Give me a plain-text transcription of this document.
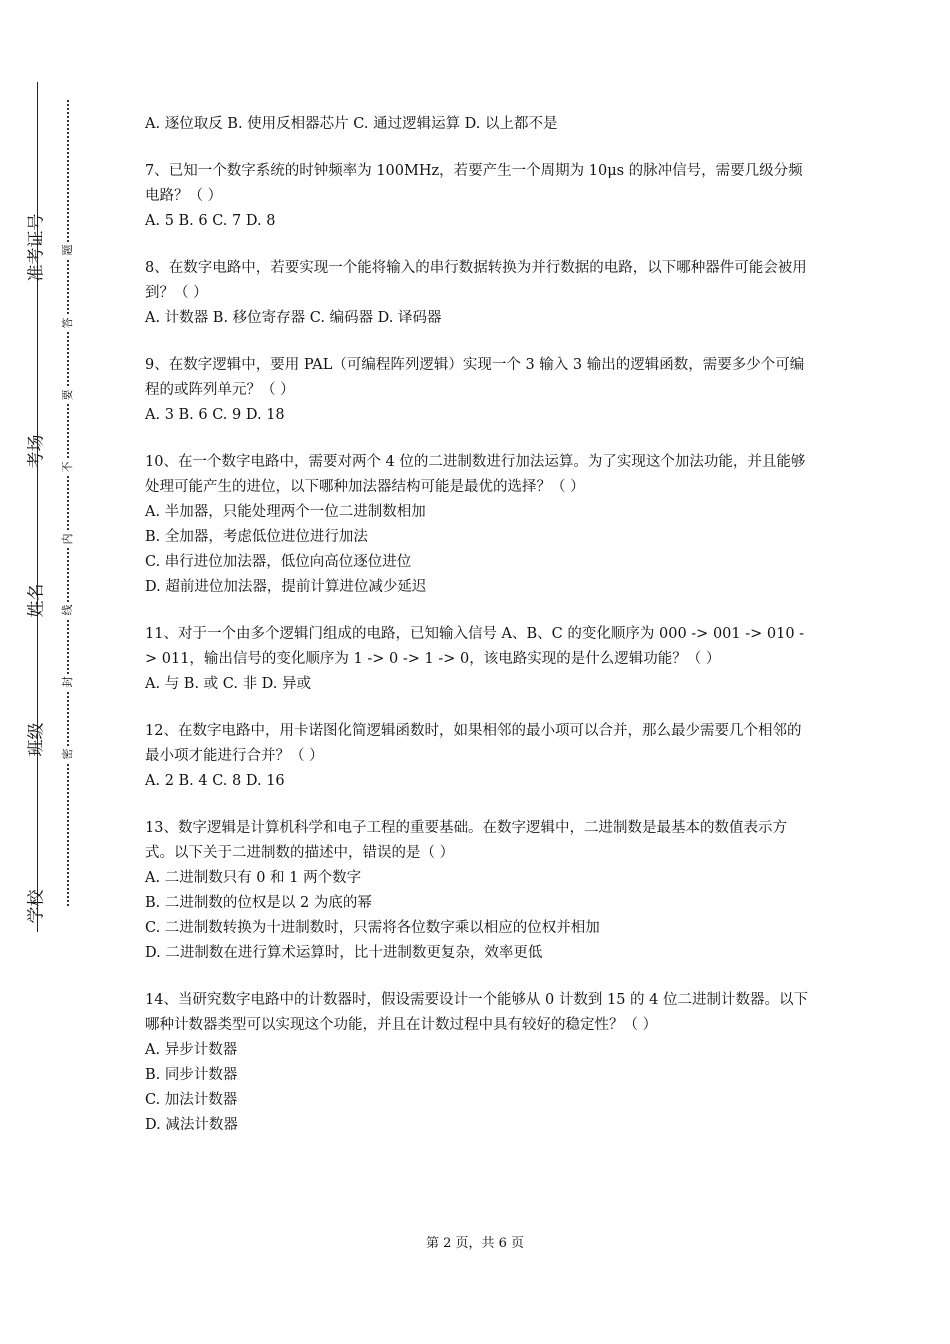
准考证号
考场
姓名
班级
学校
题
答
要
不
内
线
封
密
A. 逐位取反 B. 使用反相器芯片 C. 通过逻辑运算 D. 以上都不是
7、已知一个数字系统的时钟频率为 100MHz，若要产生一个周期为 10μs 的脉冲信号，需要几级分频电路？（ ）
A. 5 B. 6 C. 7 D. 8
8、在数字电路中，若要实现一个能将输入的串行数据转换为并行数据的电路，以下哪种器件可能会被用到？（ ）
A. 计数器 B. 移位寄存器 C. 编码器 D. 译码器
9、在数字逻辑中，要用 PAL（可编程阵列逻辑）实现一个 3 输入 3 输出的逻辑函数，需要多少个可编程的或阵列单元？（ ）
A. 3 B. 6 C. 9 D. 18
10、在一个数字电路中，需要对两个 4 位的二进制数进行加法运算。为了实现这个加法功能，并且能够处理可能产生的进位，以下哪种加法器结构可能是最优的选择？（ ）
A. 半加器，只能处理两个一位二进制数相加
B. 全加器，考虑低位进位进行加法
C. 串行进位加法器，低位向高位逐位进位
D. 超前进位加法器，提前计算进位减少延迟
11、对于一个由多个逻辑门组成的电路，已知输入信号 A、B、C 的变化顺序为 000 -> 001 -> 010 -> 011，输出信号的变化顺序为 1 -> 0 -> 1 -> 0，该电路实现的是什么逻辑功能？（ ）
A. 与 B. 或 C. 非 D. 异或
12、在数字电路中，用卡诺图化简逻辑函数时，如果相邻的最小项可以合并，那么最少需要几个相邻的最小项才能进行合并？（ ）
A. 2 B. 4 C. 8 D. 16
13、数字逻辑是计算机科学和电子工程的重要基础。在数字逻辑中，二进制数是最基本的数值表示方式。以下关于二进制数的描述中，错误的是（ ）
A. 二进制数只有 0 和 1 两个数字
B. 二进制数的位权是以 2 为底的幂
C. 二进制数转换为十进制数时，只需将各位数字乘以相应的位权并相加
D. 二进制数在进行算术运算时，比十进制数更复杂，效率更低
14、当研究数字电路中的计数器时，假设需要设计一个能够从 0 计数到 15 的 4 位二进制计数器。以下哪种计数器类型可以实现这个功能，并且在计数过程中具有较好的稳定性？（ ）
A. 异步计数器
B. 同步计数器
C. 加法计数器
D. 减法计数器
第 2 页，共 6 页
